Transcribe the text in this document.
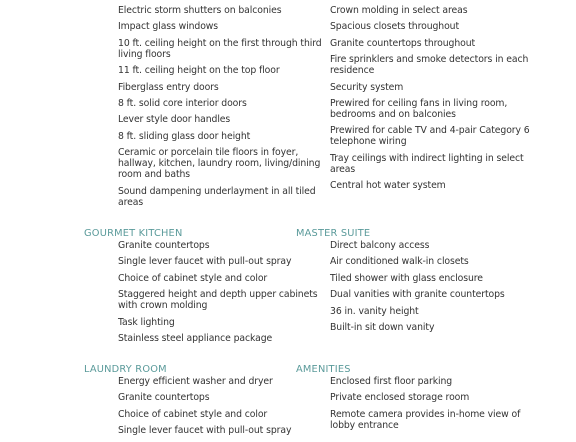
Electric storm shutters on balconies
Impact glass windows
10 ft. ceiling height on the first through third living floors
11 ft. ceiling height on the top floor
Fiberglass entry doors
8 ft. solid core interior doors
Lever style door handles
8 ft. sliding glass door height
Ceramic or porcelain tile floors in foyer, hallway, kitchen, laundry room, living/dining room and baths
Sound dampening underlayment in all tiled areas
Crown molding in select areas
Spacious closets throughout
Granite countertops throughout
Fire sprinklers and smoke detectors in each residence
Security system
Prewired for ceiling fans in living room, bedrooms and on balconies
Prewired for cable TV and 4-pair Category 6 telephone wiring
Tray ceilings with indirect lighting in select areas
Central hot water system
GOURMET KITCHEN
Granite countertops
Single lever faucet with pull-out spray
Choice of cabinet style and color
Staggered height and depth upper cabinets with crown molding
Task lighting
Stainless steel appliance package
MASTER SUITE
Direct balcony access
Air conditioned walk-in closets
Tiled shower with glass enclosure
Dual vanities with granite countertops
36 in. vanity height
Built-in sit down vanity
LAUNDRY ROOM
Energy efficient washer and dryer
Granite countertops
Choice of cabinet style and color
Single lever faucet with pull-out spray
AMENITIES
Enclosed first floor parking
Private enclosed storage room
Remote camera provides in-home view of lobby entrance
